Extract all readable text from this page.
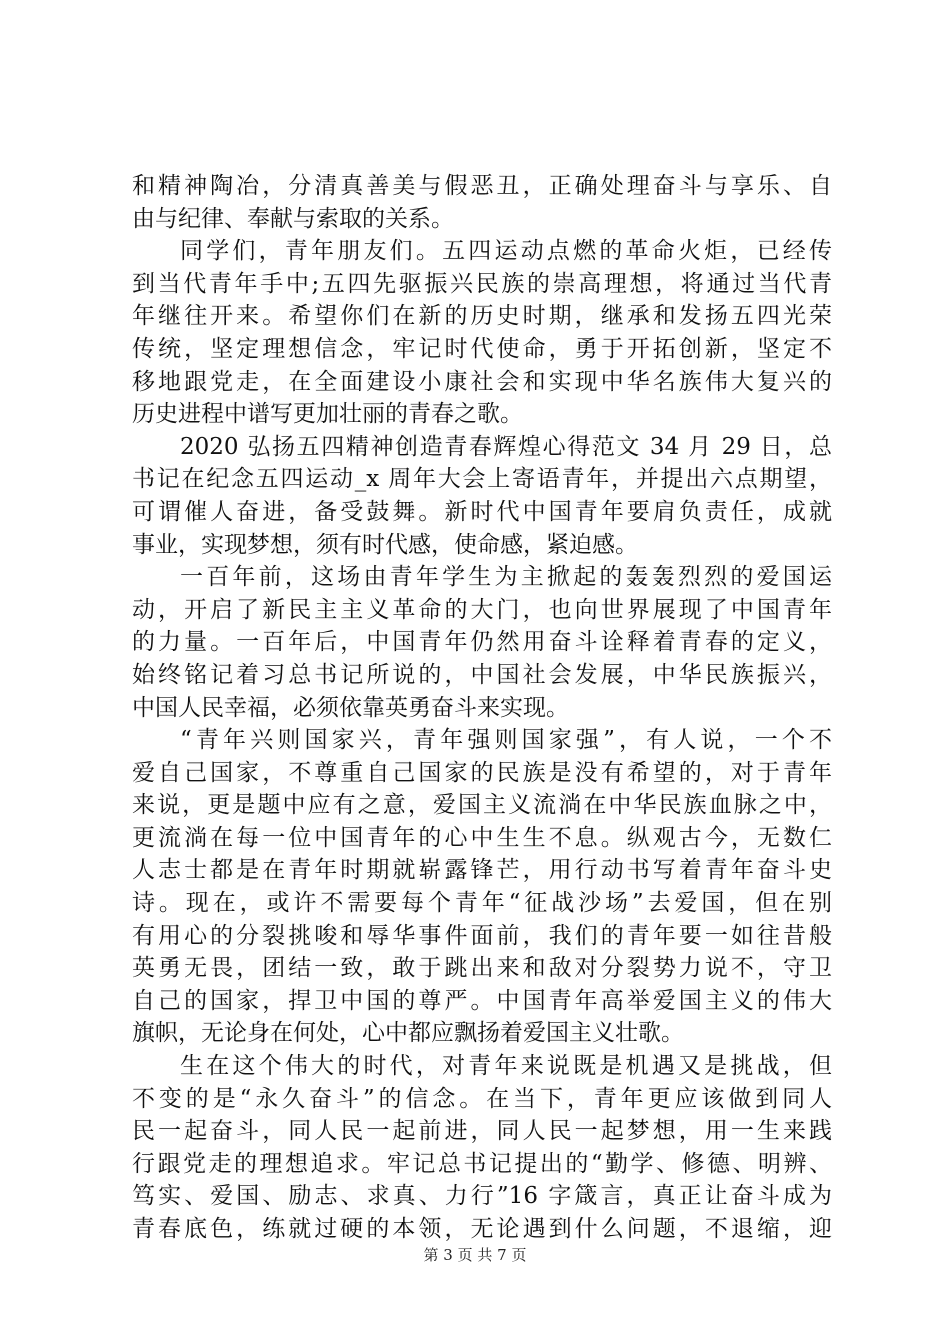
和精神陶冶，分清真善美与假恶丑，正确处理奋斗与享乐、自
由与纪律、奉献与索取的关系。
同学们，青年朋友们。五四运动点燃的革命火炬，已经传
到当代青年手中;五四先驱振兴民族的崇高理想，将通过当代青
年继往开来。希望你们在新的历史时期，继承和发扬五四光荣
传统，坚定理想信念，牢记时代使命，勇于开拓创新，坚定不
移地跟党走，在全面建设小康社会和实现中华名族伟大复兴的
历史进程中谱写更加壮丽的青春之歌。
2020 弘扬五四精神创造青春辉煌心得范文 34 月 29 日，总
书记在纪念五四运动_x 周年大会上寄语青年，并提出六点期望，
可谓催人奋进，备受鼓舞。新时代中国青年要肩负责任，成就
事业，实现梦想，须有时代感，使命感，紧迫感。
一百年前，这场由青年学生为主掀起的轰轰烈烈的爱国运
动，开启了新民主主义革命的大门，也向世界展现了中国青年
的力量。一百年后，中国青年仍然用奋斗诠释着青春的定义，
始终铭记着习总书记所说的，中国社会发展，中华民族振兴，
中国人民幸福，必须依靠英勇奋斗来实现。
“青年兴则国家兴，青年强则国家强”，有人说，一个不
爱自己国家，不尊重自己国家的民族是没有希望的，对于青年
来说，更是题中应有之意，爱国主义流淌在中华民族血脉之中，
更流淌在每一位中国青年的心中生生不息。纵观古今，无数仁
人志士都是在青年时期就崭露锋芒，用行动书写着青年奋斗史
诗。现在，或许不需要每个青年“征战沙场”去爱国，但在别
有用心的分裂挑唆和辱华事件面前，我们的青年要一如往昔般
英勇无畏，团结一致，敢于跳出来和敌对分裂势力说不，守卫
自己的国家，捍卫中国的尊严。中国青年高举爱国主义的伟大
旗帜，无论身在何处，心中都应飘扬着爱国主义壮歌。
生在这个伟大的时代，对青年来说既是机遇又是挑战，但
不变的是“永久奋斗”的信念。在当下，青年更应该做到同人
民一起奋斗，同人民一起前进，同人民一起梦想，用一生来践
行跟党走的理想追求。牢记总书记提出的“勤学、修德、明辨、
笃实、爱国、励志、求真、力行”16 字箴言，真正让奋斗成为
青春底色，练就过硬的本领，无论遇到什么问题，不退缩，迎
第 3 页 共 7 页
